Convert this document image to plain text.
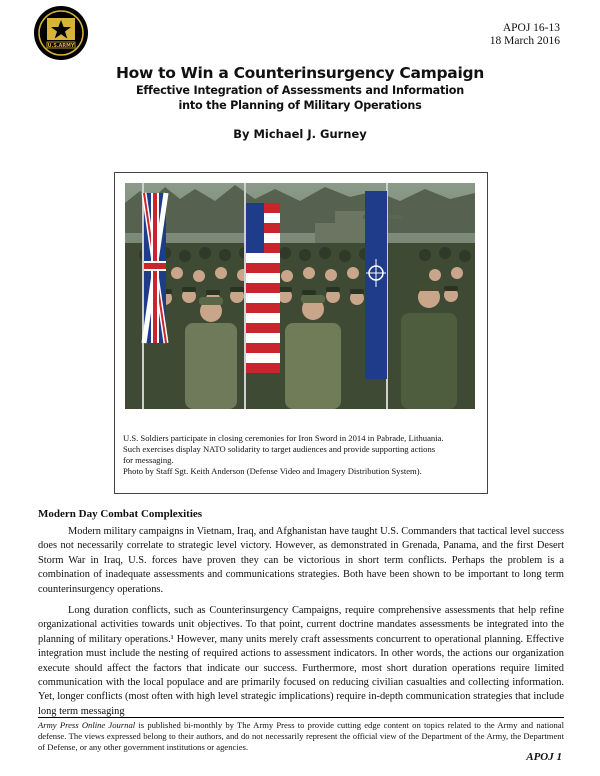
U.S.ARMY
APOJ 16-13
18 March 2016
How to Win a Counterinsurgency Campaign
Effective Integration of Assessments and Information
into the Planning of Military Operations
By Michael J. Gurney

U.S. Soldiers participate in closing ceremonies for Iron Sword in 2014 in Pabrade, Lithuania.

Such exercises display NATO solidarity to target audiences and provide supporting actions

for messaging.

Photo by Staff Sgt. Keith Anderson (Defense Video and Imagery Distribution System).

Modern Day Combat Complexities

Modern military campaigns in Vietnam, Iraq, and Afghanistan have taught U.S. Commanders that tactical level success does not necessarily correlate to strategic level victory. However, as demonstrated in Grenada, Panama, and the first Desert Storm War in Iraq, U.S. forces have proven they can be victorious in short term conflicts. Perhaps the problem is a combination of inadequate assessments and communications strategies. Both have been shown to be important to long term counterinsurgency operations.

Long duration conflicts, such as Counterinsurgency Campaigns, require comprehensive assessments that help refine organizational activities towards unit objectives. To that point, current doctrine mandates assessments be integrated into the planning of military operations.¹ However, many units merely craft assessments concurrent to operational planning. Effective integration must include the nesting of required actions to assessment indicators. In other words, the actions our organization execute should affect the factors that indicate our success. Furthermore, most short duration operations require limited communication with the local populace and are primarily focused on reducing civilian casualties and collecting information. Yet, longer conflicts (most often with high level strategic implications) require in-depth communication strategies that include long term messaging

Army Press Online Journal is published bi-monthly by The Army Press to provide cutting edge content on topics related to the Army and national defense. The views expressed belong to their authors, and do not necessarily represent the official view of the Department of the Army, the Department of Defense, or any other government institutions or agencies.
APOJ 1
